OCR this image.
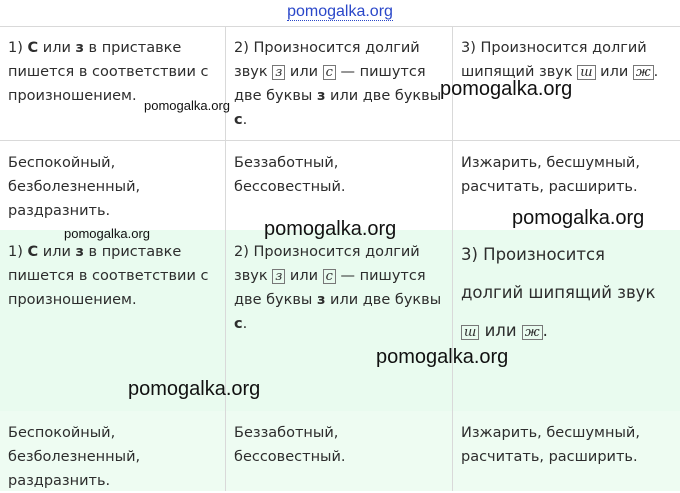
pomogalka.org
1) С или з в приставке пишется в соответствии с произношением.
2) Произносится долгий звук з или с — пишутся две буквы з или две буквы с.
3) Произносится долгий шипящий звук ш или ж .
Беспокойный, безболезненный, раздразнить.
Беззаботный, бессовестный.
Изжарить, бесшумный, расчитать, расширить.
1) С или з в приставке пишется в соответствии с произношением.
2) Произносится долгий звук з или с — пишутся две буквы з или две буквы с.
3) Произносится долгий шипящий звук ш или ж .
Беспокойный, безболезненный, раздразнить.
Беззаботный, бессовестный.
Изжарить, бесшумный, расчитать, расширить.
pomogalka.org
pomogalka.org
pomogalka.org	pomogalka.org	pomogalka.org
pomogalka.org
pomogalka.org
